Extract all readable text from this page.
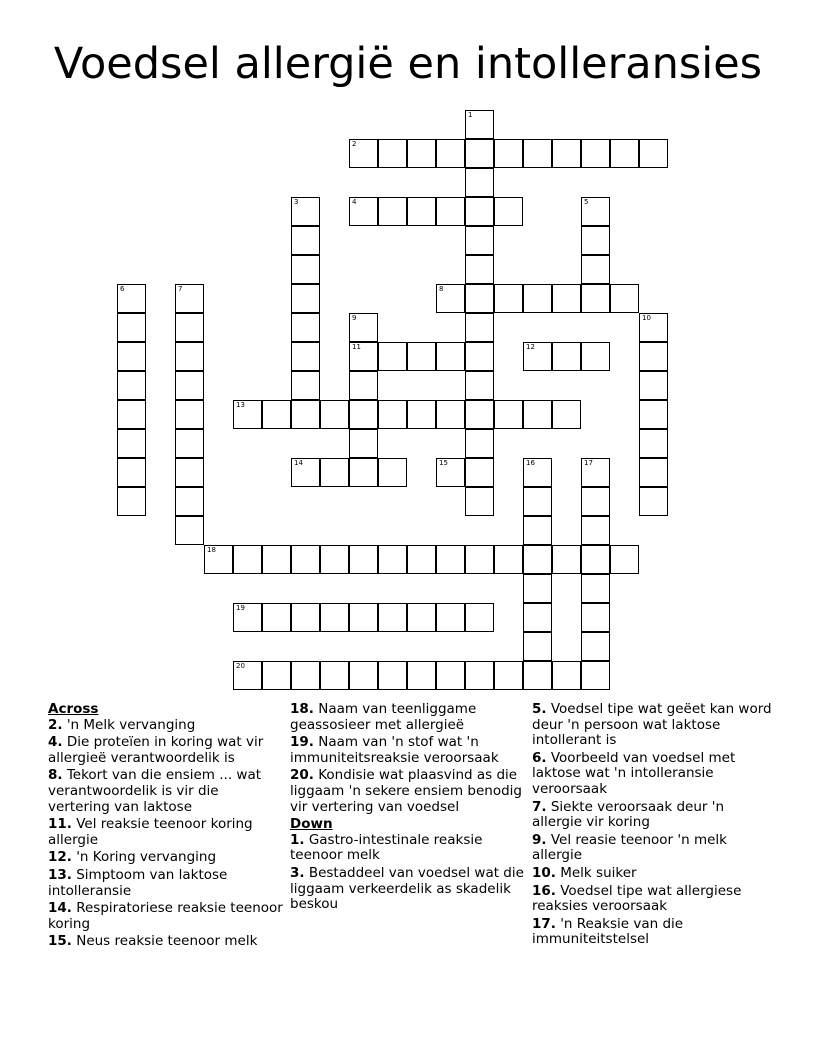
Voedsel allergië en intolleransies
1
2
3	4	5
6	7	8
9
11
10
12
13
14	15	16	17
18
19
20

Across

2. 'n Melk vervanging

4. Die proteïen in koring wat vir allergieë verantwoordelik is

8. Tekort van die ensiem ... wat verantwoordelik is vir die vertering van laktose

11. Vel reaksie teenoor koring allergie

12. 'n Koring vervanging

13. Simptoom van laktose intolleransie

14. Respiratoriese reaksie teenoor koring

15. Neus reaksie teenoor melk

18. Naam van teenliggame geassosieer met allergieë

19. Naam van 'n stof wat 'n immuniteitsreaksie veroorsaak

20. Kondisie wat plaasvind as die liggaam 'n sekere ensiem benodig vir vertering van voedsel

Down

1. Gastro-intestinale reaksie teenoor melk

3. Bestaddeel van voedsel wat die liggaam verkeerdelik as skadelik beskou

5. Voedsel tipe wat geëet kan word deur 'n persoon wat laktose intollerant is

6. Voorbeeld van voedsel met laktose wat 'n intolleransie veroorsaak

7. Siekte veroorsaak deur 'n allergie vir koring

9. Vel reasie teenoor 'n melk allergie

10. Melk suiker

16. Voedsel tipe wat allergiese reaksies veroorsaak

17. 'n Reaksie van die immuniteitstelsel
